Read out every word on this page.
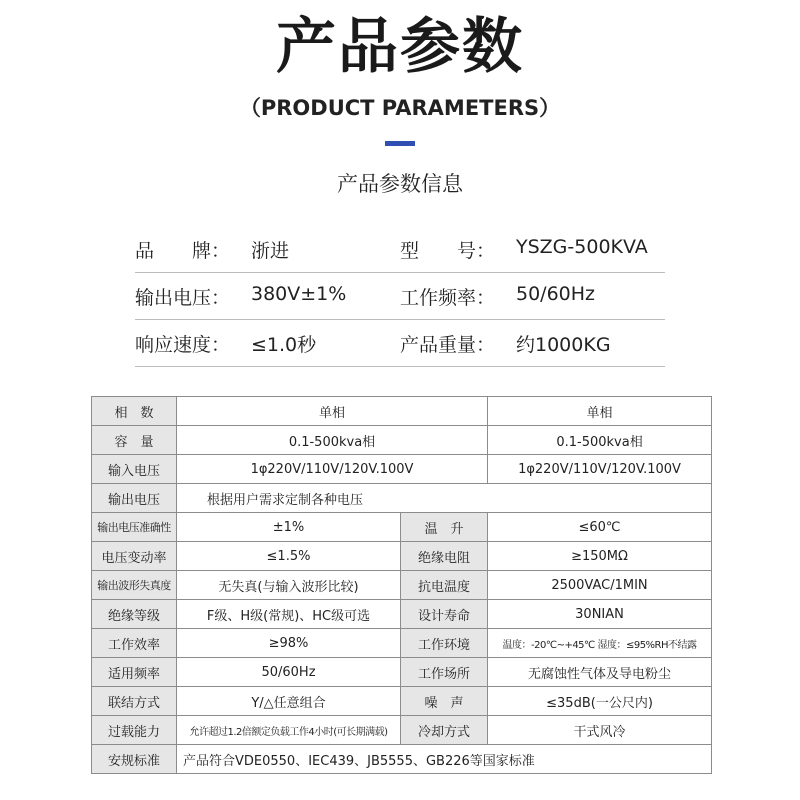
产品参数
（PRODUCT PARAMETERS）
产品参数信息
品　　牌：	浙进	型　　号：	YSZG-500KVA
输出电压：	380V±1%	工作频率：	50/60Hz
响应速度：	≤1.0秒	产品重量：	约1000KG
相　数	单相		单相
容　量	0.1-500kva相		0.1-500kva相
输入电压	1φ220V/110V/120V.100V		1φ220V/110V/120V.100V
输出电压	根据用户需求定制各种电压		
输出电压准确性	±1%	温　升	≤60℃
电压变动率	≤1.5%	绝缘电阻	≥150MΩ
输出波形失真度	无失真(与输入波形比较)	抗电温度	2500VAC/1MIN
绝缘等级	F级、H级(常规)、HC级可选	设计寿命	30NIAN
工作效率	≥98%	工作环境	温度：-20℃~+45℃ 湿度：≤95%RH不结露
适用频率	50/60Hz	工作场所	无腐蚀性气体及导电粉尘
联结方式	Y/△任意组合	噪　声	≤35dB(一公尺内)
过载能力	允许超过1.2倍额定负载工作4小时(可长期满载)	冷却方式	干式风冷
安规标准	产品符合VDE0550、IEC439、JB5555、GB226等国家标准		
